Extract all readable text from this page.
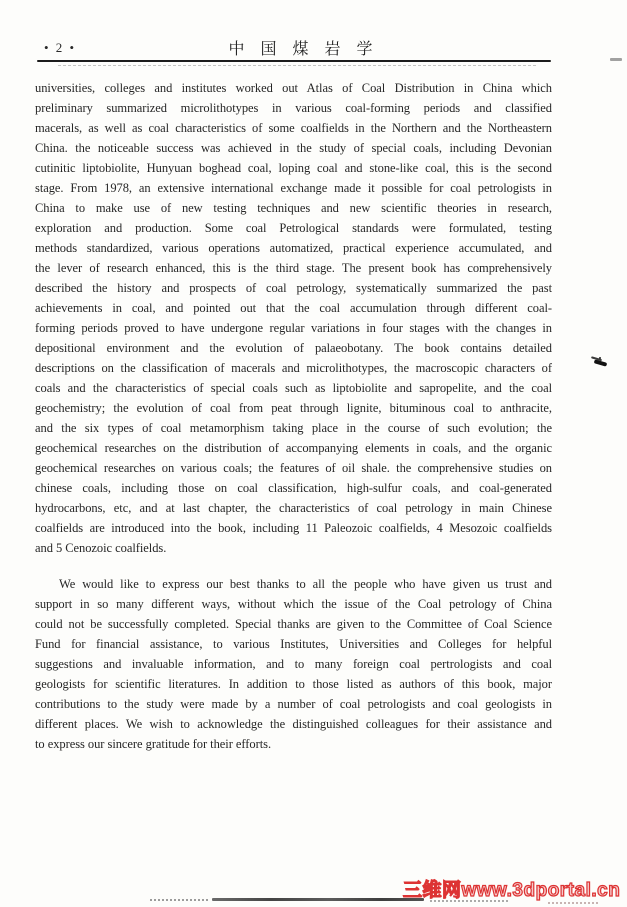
• 2 •	中 国 煤 岩 学
universities, colleges and institutes worked out Atlas of Coal Distribution in China which
preliminary summarized microlithotypes in various coal-forming periods and classified
macerals, as well as coal characteristics of some coalfields in the Northern and the Northeastern
China. the noticeable success was achieved in the study of special coals, including Devonian
cutinitic liptobiolite, Hunyuan boghead coal, loping coal and stone-like coal, this is the second
stage. From 1978, an extensive international exchange made it possible for coal petrologists in
China to make use of new testing techniques and new scientific theories in research,
exploration and production. Some coal Petrological standards were formulated, testing
methods standardized, various operations automatized, practical experience accumulated, and
the lever of research enhanced, this is the third stage. The present book has comprehensively
described the history and prospects of coal petrology, systematically summarized the past
achievements in coal, and pointed out that the coal accumulation through different coal-
forming periods proved to have undergone regular variations in four stages with the changes in
depositional environment and the evolution of palaeobotany. The book contains detailed
descriptions on the classification of macerals and microlithotypes, the macroscopic characters of
coals and the characteristics of special coals such as liptobiolite and sapropelite, and the coal
geochemistry; the evolution of coal from peat through lignite, bituminous coal to anthracite,
and the six types of coal metamorphism taking place in the course of such evolution; the
geochemical researches on the distribution of accompanying elements in coals, and the organic
geochemical researches on various coals; the features of oil shale. the comprehensive studies on
chinese coals, including those on coal classification, high-sulfur coals, and coal-generated
hydrocarbons, etc, and at last chapter, the characteristics of coal petrology in main Chinese
coalfields are introduced into the book, including 11 Paleozoic coalfields, 4 Mesozoic coalfields
and 5 Cenozoic coalfields.
We would like to express our best thanks to all the people who have given us trust and
support in so many different ways, without which the issue of the Coal petrology of China
could not be successfully completed. Special thanks are given to the Committee of Coal Science
Fund for financial assistance, to various Institutes, Universities and Colleges for helpful
suggestions and invaluable information, and to many foreign coal pertrologists and coal
geologists for scientific literatures. In addition to those listed as authors of this book, major
contributions to the study were made by a number of coal petrologists and coal geologists in
different places. We wish to acknowledge the distinguished colleagues for their assistance and
to express our sincere gratitude for their efforts.
三维网www.3dportal.cn
